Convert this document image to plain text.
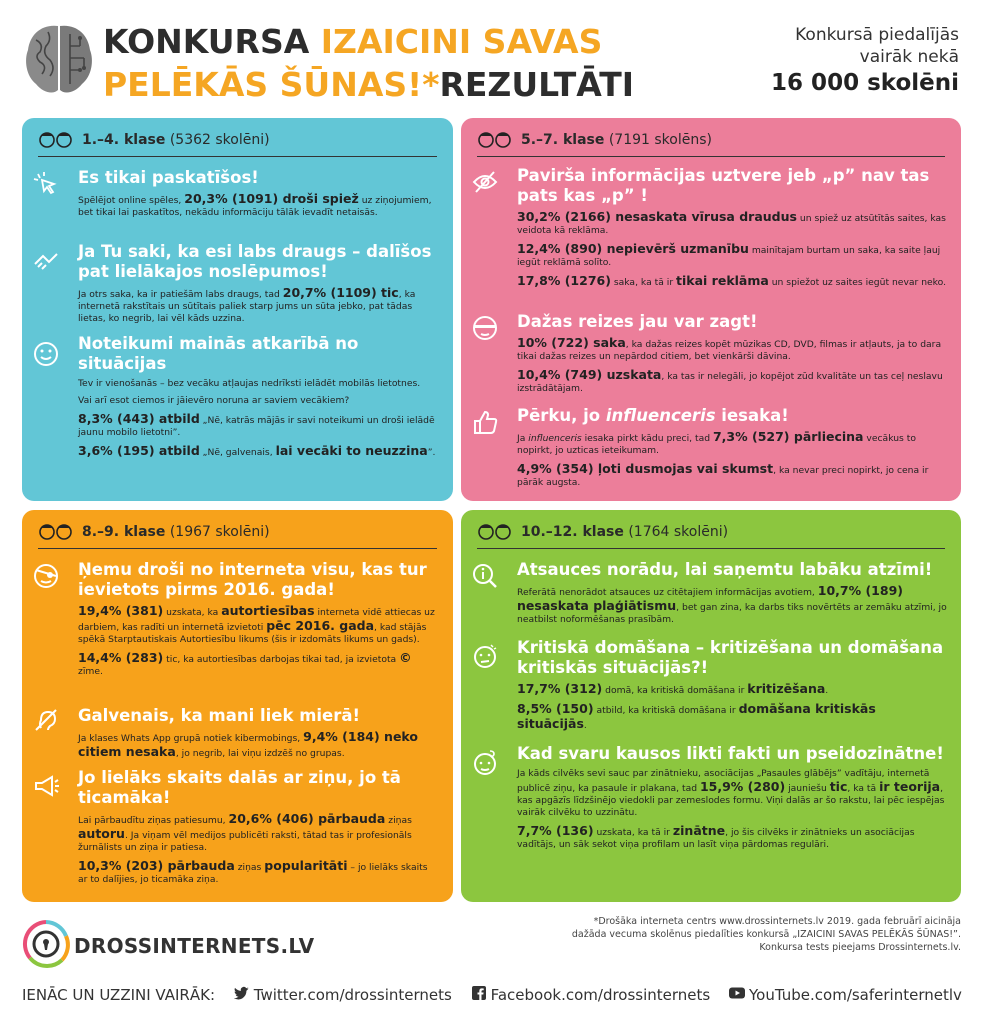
KONKURSA IZAICINI SAVAS
PELĒKĀS ŠŪNAS!*REZULTĀTI
Konkursā piedalījās
vairāk nekā
16 000 skolēni
1.–4. klase (5362 skolēni)
Es tikai paskatīšos!
Spēlējot online spēles, 20,3% (1091) droši spiež uz ziņojumiem, bet tikai lai paskatītos, nekādu informāciju tālāk ievadīt netaisās.
Ja Tu saki, ka esi labs draugs – dalīšos pat lielākajos noslēpumos!
Ja otrs saka, ka ir patiešām labs draugs, tad 20,7% (1109) tic, ka internetā rakstītais un sūtītais paliek starp jums un sūta jebko, pat tādas lietas, ko negrib, lai vēl kāds uzzina.
Noteikumi mainās atkarībā no situācijas
Tev ir vienošanās – bez vecāku atļaujas nedrīksti ielādēt mobilās lietotnes.
Vai arī esot ciemos ir jāievēro noruna ar saviem vecākiem?
8,3% (443) atbild „Nē, katrās mājās ir savi noteikumi un droši ielādē jaunu mobilo lietotni”.
3,6% (195) atbild „Nē, galvenais, lai vecāki to neuzzina”.
5.–7. klase (7191 skolēns)
Pavirša informācijas uztvere jeb „p” nav tas pats kas „p” !
30,2% (2166) nesaskata vīrusa draudus un spiež uz atsūtītās saites, kas veidota kā reklāma.
12,4% (890) nepievērš uzmanību mainītajam burtam un saka, ka saite ļauj iegūt reklāmā solīto.
17,8% (1276) saka, ka tā ir tikai reklāma un spiežot uz saites iegūt nevar neko.
Dažas reizes jau var zagt!
10% (722) saka, ka dažas reizes kopēt mūzikas CD, DVD, filmas ir atļauts, ja to dara tikai dažas reizes un nepārdod citiem, bet vienkārši dāvina.
10,4% (749) uzskata, ka tas ir nelegāli, jo kopējot zūd kvalitāte un tas ceļ neslavu izstrādātājam.
Pērku, jo influenceris iesaka!
Ja influenceris iesaka pirkt kādu preci, tad 7,3% (527) pārliecina vecākus to nopirkt, jo uzticas ieteikumam.
4,9% (354) ļoti dusmojas vai skumst, ka nevar preci nopirkt, jo cena ir pārāk augsta.
8.–9. klase (1967 skolēni)
Ņemu droši no interneta visu, kas tur ievietots pirms 2016. gada!
19,4% (381) uzskata, ka autortiesības interneta vidē attiecas uz darbiem, kas radīti un internetā izvietoti pēc 2016. gada, kad stājās spēkā Starptautiskais Autortiesību likums (šis ir izdomāts likums un gads).
14,4% (283) tic, ka autortiesības darbojas tikai tad, ja izvietota © zīme.
Galvenais, ka mani liek mierā!
Ja klases Whats App grupā notiek kibermobings, 9,4% (184) neko citiem nesaka, jo negrib, lai viņu izdzēš no grupas.
Jo lielāks skaits dalās ar ziņu, jo tā ticamāka!
Lai pārbaudītu ziņas patiesumu, 20,6% (406) pārbauda ziņas autoru. Ja viņam vēl medijos publicēti raksti, tātad tas ir profesionāls žurnālists un ziņa ir patiesa.
10,3% (203) pārbauda ziņas popularitāti – jo lielāks skaits ar to dalījies, jo ticamāka ziņa.
10.–12. klase (1764 skolēni)
Atsauces norādu, lai saņemtu labāku atzīmi!
Referātā nenorādot atsauces uz citētajiem informācijas avotiem, 10,7% (189) nesaskata plaģiātismu, bet gan zina, ka darbs tiks novērtēts ar zemāku atzīmi, jo neatbilst noformēšanas prasībām.
Kritiskā domāšana – kritizēšana un domāšana kritiskās situācijās?!
17,7% (312) domā, ka kritiskā domāšana ir kritizēšana.
8,5% (150) atbild, ka kritiskā domāšana ir domāšana kritiskās situācijās.
Kad svaru kausos likti fakti un pseidozinātne!
Ja kāds cilvēks sevi sauc par zinātnieku, asociācijas „Pasaules glābējs” vadītāju, internetā publicē ziņu, ka pasaule ir plakana, tad 15,9% (280) jauniešu tic, ka tā ir teorija, kas apgāzīs līdzšinējo viedokli par zemeslodes formu. Viņi dalās ar šo rakstu, lai pēc iespējas vairāk cilvēku to uzzinātu.
7,7% (136) uzskata, ka tā ir zinātne, jo šis cilvēks ir zinātnieks un asociācijas vadītājs, un sāk sekot viņa profilam un lasīt viņa pārdomas regulāri.
DROSSINTERNETS.LV
*Drošāka interneta centrs www.drossinternets.lv 2019. gada februārī aicināja
dažāda vecuma skolēnus piedalīties konkursā „IZAICINI SAVAS PELĒKĀS ŠŪNAS!”.
Konkursa tests pieejams Drossinternets.lv.
IENĀC UN UZZINI VAIRĀK:	Twitter.com/drossinternets	Facebook.com/drossinternets	YouTube.com/saferinternetlv
